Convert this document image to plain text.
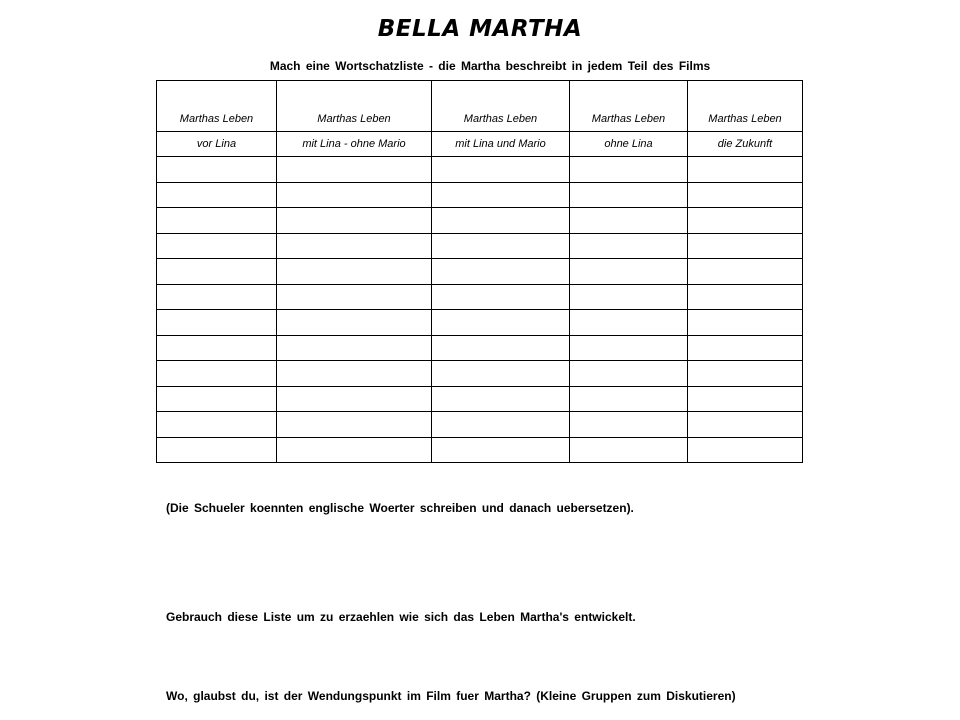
BELLA MARTHA
Mach eine Wortschatzliste - die Martha beschreibt in jedem Teil des Films
Marthas Leben	Marthas Leben	Marthas Leben	Marthas Leben	Marthas Leben
vor Lina	mit Lina - ohne Mario	mit Lina und Mario	ohne Lina	die Zukunft

(Die Schueler koennten englische Woerter schreiben und danach uebersetzen).
Gebrauch diese Liste um zu erzaehlen wie sich das Leben Martha's entwickelt.
Wo, glaubst du, ist der Wendungspunkt im Film fuer Martha? (Kleine Gruppen zum Diskutieren)
